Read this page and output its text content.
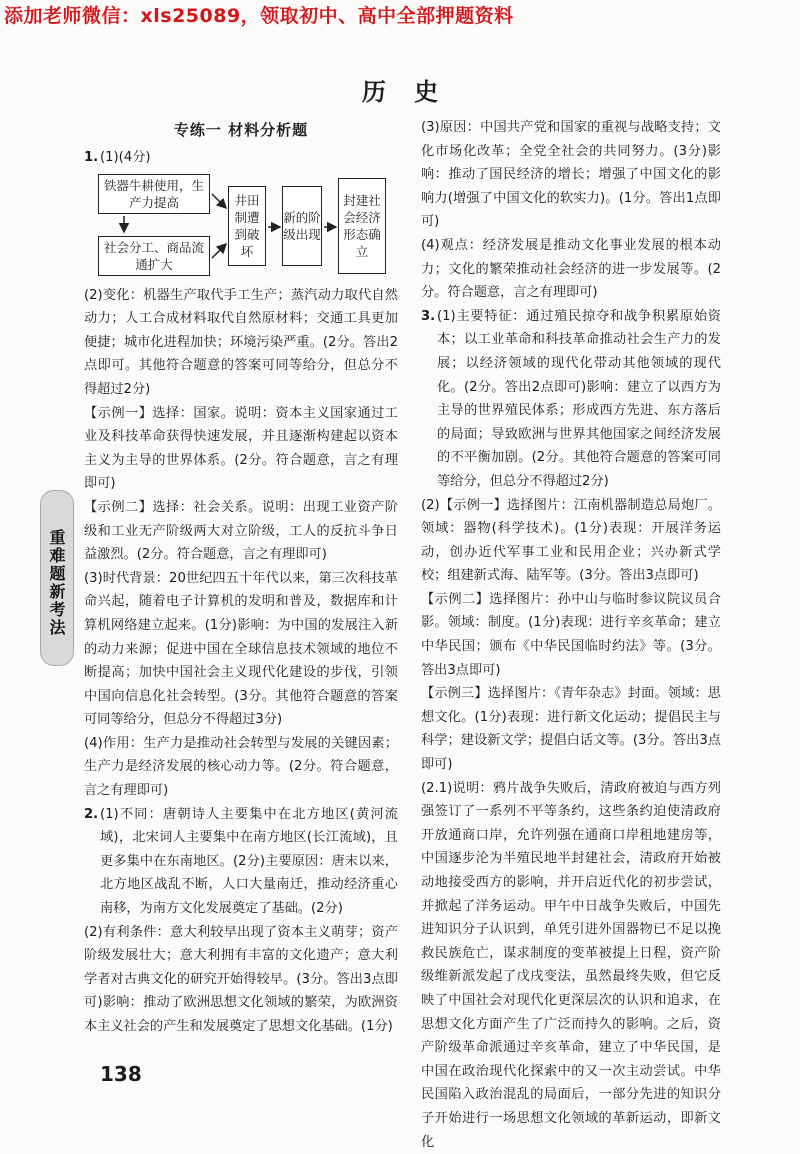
添加老师微信：xls25089，领取初中、高中全部押题资料
历 史
重难题新考法
专练一 材料分析题
1. (1)(4分)
铁器牛耕使用，生产力提高
社会分工、商品流通扩大
井田制遭到破坏
新的阶级出现
封建社会经济形态确立

(2)变化：机器生产取代手工生产；蒸汽动力取代自然动力；人工合成材料取代自然原材料；交通工具更加便捷；城市化进程加快；环境污染严重。(2分。答出2点即可。其他符合题意的答案可同等给分，但总分不得超过2分)

【示例一】选择：国家。说明：资本主义国家通过工业及科技革命获得快速发展，并且逐渐构建起以资本主义为主导的世界体系。(2分。符合题意，言之有理即可)

【示例二】选择：社会关系。说明：出现工业资产阶级和工业无产阶级两大对立阶级，工人的反抗斗争日益激烈。(2分。符合题意，言之有理即可)

(3)时代背景：20世纪四五十年代以来，第三次科技革命兴起，随着电子计算机的发明和普及，数据库和计算机网络建立起来。(1分)影响：为中国的发展注入新的动力来源；促进中国在全球信息技术领域的地位不断提高；加快中国社会主义现代化建设的步伐，引领中国向信息化社会转型。(3分。其他符合题意的答案可同等给分，但总分不得超过3分)

(4)作用：生产力是推动社会转型与发展的关键因素；生产力是经济发展的核心动力等。(2分。符合题意，言之有理即可)

2. (1)不同：唐朝诗人主要集中在北方地区(黄河流域)，北宋词人主要集中在南方地区(长江流域)，且更多集中在东南地区。(2分)主要原因：唐末以来，北方地区战乱不断，人口大量南迁，推动经济重心南移，为南方文化发展奠定了基础。(2分)

(2)有利条件：意大利较早出现了资本主义萌芽；资产阶级发展壮大；意大利拥有丰富的文化遗产；意大利学者对古典文化的研究开始得较早。(3分。答出3点即可)影响：推动了欧洲思想文化领域的繁荣，为欧洲资本主义社会的产生和发展奠定了思想文化基础。(1分)

(3)原因：中国共产党和国家的重视与战略支持；文化市场化改革；全党全社会的共同努力。(3分)影响：推动了国民经济的增长；增强了中国文化的影响力(增强了中国文化的软实力)。(1分。答出1点即可)

(4)观点：经济发展是推动文化事业发展的根本动力；文化的繁荣推动社会经济的进一步发展等。(2分。符合题意，言之有理即可)

3. (1)主要特征：通过殖民掠夺和战争积累原始资本；以工业革命和科技革命推动社会生产力的发展；以经济领域的现代化带动其他领域的现代化。(2分。答出2点即可)影响：建立了以西方为主导的世界殖民体系；形成西方先进、东方落后的局面；导致欧洲与世界其他国家之间经济发展的不平衡加剧。(2分。其他符合题意的答案可同等给分，但总分不得超过2分)

(2)【示例一】选择图片：江南机器制造总局炮厂。领域：器物(科学技术)。(1分)表现：开展洋务运动，创办近代军事工业和民用企业；兴办新式学校；组建新式海、陆军等。(3分。答出3点即可)

【示例二】选择图片：孙中山与临时参议院议员合影。领域：制度。(1分)表现：进行辛亥革命；建立中华民国；颁布《中华民国临时约法》等。(3分。答出3点即可)

【示例三】选择图片：《青年杂志》封面。领域：思想文化。(1分)表现：进行新文化运动；提倡民主与科学；建设新文学；提倡白话文等。(3分。答出3点即可)

(2.1)说明：鸦片战争失败后，清政府被迫与西方列强签订了一系列不平等条约，这些条约迫使清政府开放通商口岸，允许列强在通商口岸租地建房等，中国逐步沦为半殖民地半封建社会，清政府开始被动地接受西方的影响，并开启近代化的初步尝试，并掀起了洋务运动。甲午中日战争失败后，中国先进知识分子认识到，单凭引进外国器物已不足以挽救民族危亡，谋求制度的变革被提上日程，资产阶级维新派发起了戊戌变法，虽然最终失败，但它反映了中国社会对现代化更深层次的认识和追求，在思想文化方面产生了广泛而持久的影响。之后，资产阶级革命派通过辛亥革命，建立了中华民国，是中国在政治现代化探索中的又一次主动尝试。中华民国陷入政治混乱的局面后，一部分先进的知识分子开始进行一场思想文化领域的革新运动，即新文化

138
